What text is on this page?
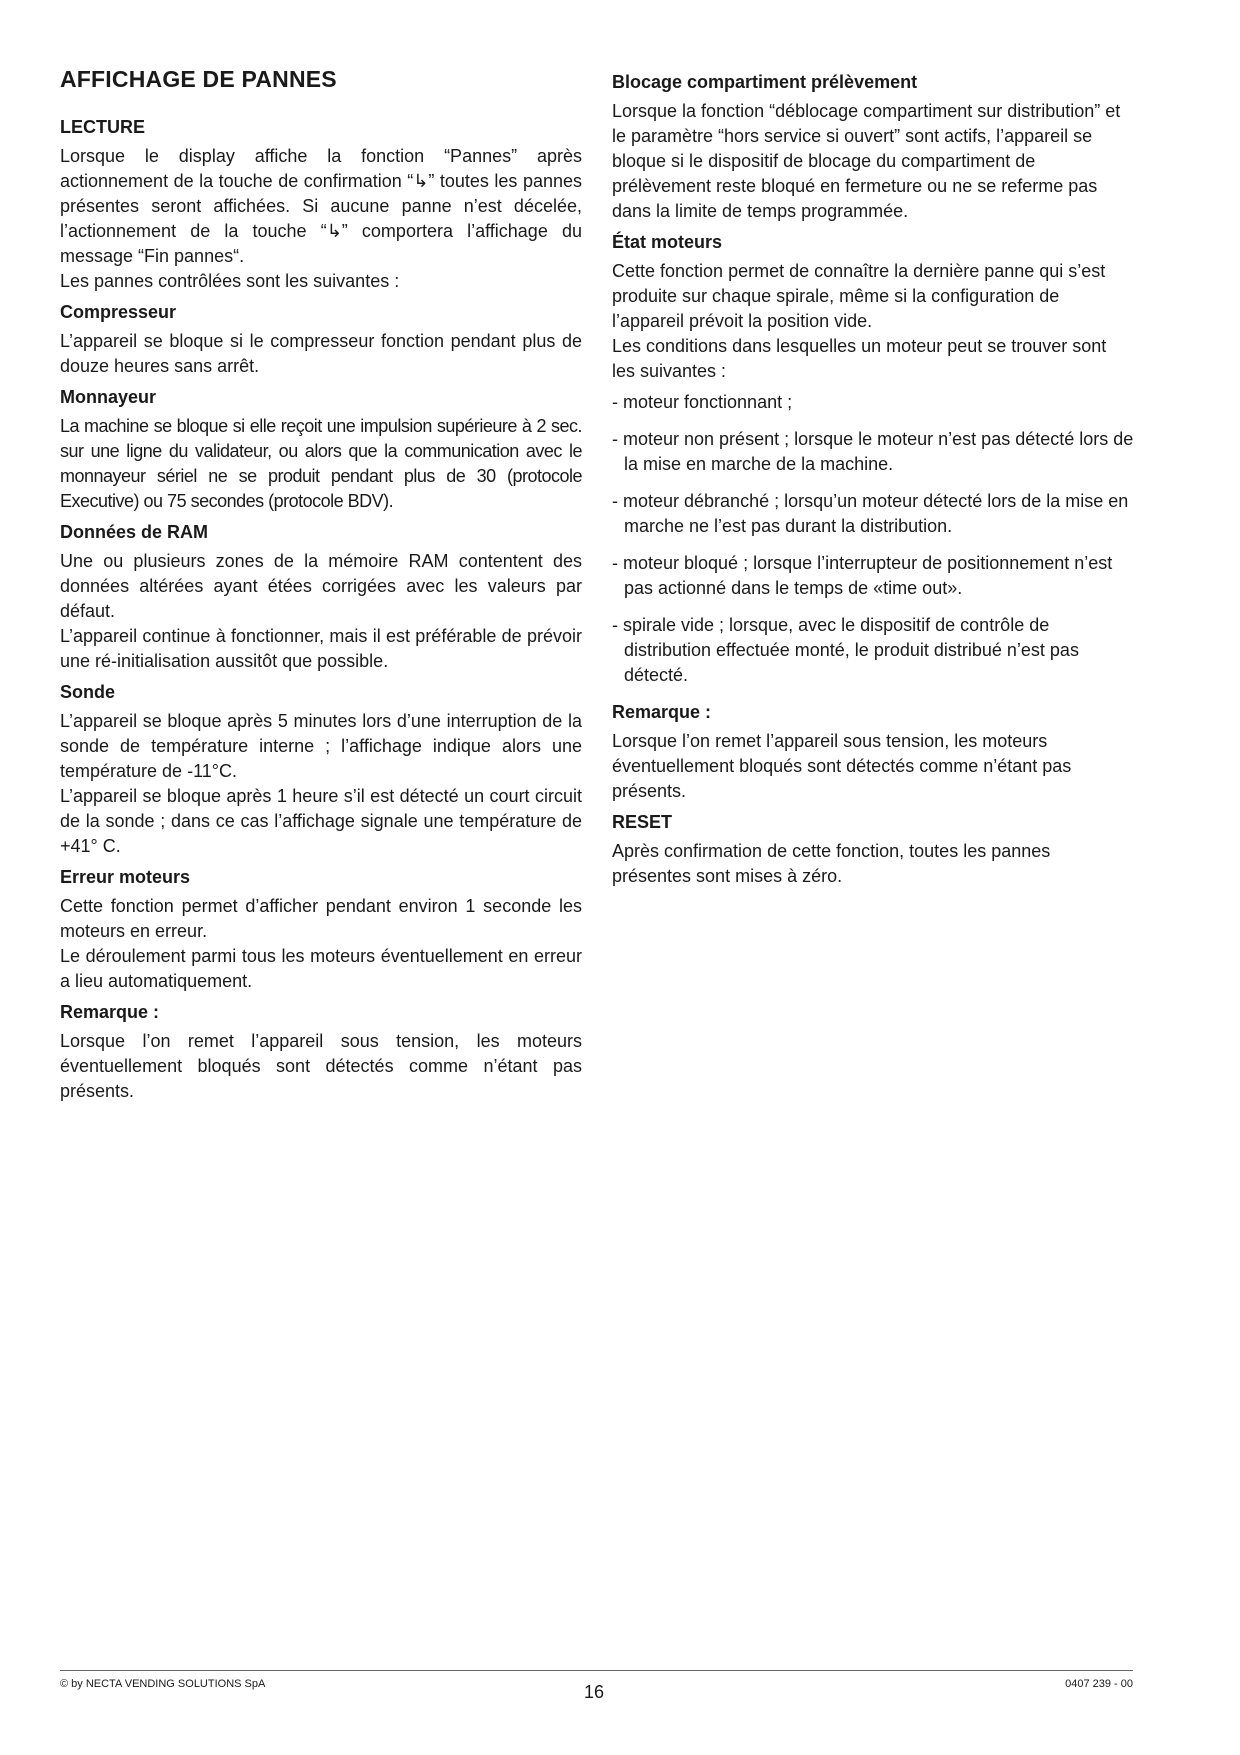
AFFICHAGE DE PANNES
LECTURE

Lorsque le display affiche la fonction “Pannes” après actionnement de la touche de confirmation “↳” toutes les pannes présentes seront affichées. Si aucune panne n’est décelée, l’actionnement de la touche “↳” comportera l’affichage du message “Fin pannes“.

Les pannes contrôlées sont les suivantes :

Compresseur

L’appareil se bloque si le compresseur fonction pendant plus de douze heures sans arrêt.

Monnayeur

La machine se bloque si elle reçoit une impulsion supérieure à 2 sec. sur une ligne du validateur, ou alors que la communication avec le monnayeur sériel ne se produit pendant plus de 30 (protocole Executive) ou 75 secondes (protocole BDV).

Données de RAM

Une ou plusieurs zones de la mémoire RAM contentent des données altérées ayant étées corrigées avec les valeurs par défaut.

L’appareil continue à fonctionner, mais il est préférable de prévoir une ré-initialisation aussitôt que possible.

Sonde

L’appareil se bloque après 5 minutes lors d’une interruption de la sonde de température interne ; l’affichage indique alors une température de -11°C.

L’appareil se bloque après 1 heure s’il est détecté un court circuit de la sonde ; dans ce cas l’affichage signale une température de +41° C.

Erreur moteurs

Cette fonction permet d’afficher pendant environ 1 seconde les moteurs en erreur.

Le déroulement parmi tous les moteurs éventuellement en erreur a lieu automatiquement.

Remarque :

Lorsque l’on remet l’appareil sous tension, les moteurs éventuellement bloqués sont détectés comme n’étant pas présents.

Blocage compartiment prélèvement

Lorsque la fonction “déblocage compartiment sur distribution” et le paramètre “hors service si ouvert” sont actifs, l’appareil se bloque si le dispositif de blocage du compartiment de prélèvement reste bloqué en fermeture ou ne se referme pas dans la limite de temps programmée.

État moteurs

Cette fonction permet de connaître la dernière panne qui s’est produite sur chaque spirale, même si la configuration de l’appareil prévoit la position vide.

Les conditions dans lesquelles un moteur peut se trouver sont les suivantes :

- moteur fonctionnant ;
- moteur non présent ; lorsque le moteur n’est pas détecté lors de la mise en marche de la machine.
- moteur débranché ; lorsqu’un moteur détecté lors de la mise en marche ne l’est pas durant la distribution.
- moteur bloqué ; lorsque l’interrupteur de positionnement n’est pas actionné dans le temps de «time out».
- spirale vide ; lorsque, avec le dispositif de contrôle de distribution effectuée monté, le produit distribué n’est pas détecté.
Remarque :

Lorsque l’on remet l’appareil sous tension, les moteurs éventuellement bloqués sont détectés comme n’étant pas présents.

RESET

Après confirmation de cette fonction, toutes les pannes présentes sont mises à zéro.

© by NECTA VENDING SOLUTIONS SpA	16	0407 239 - 00
